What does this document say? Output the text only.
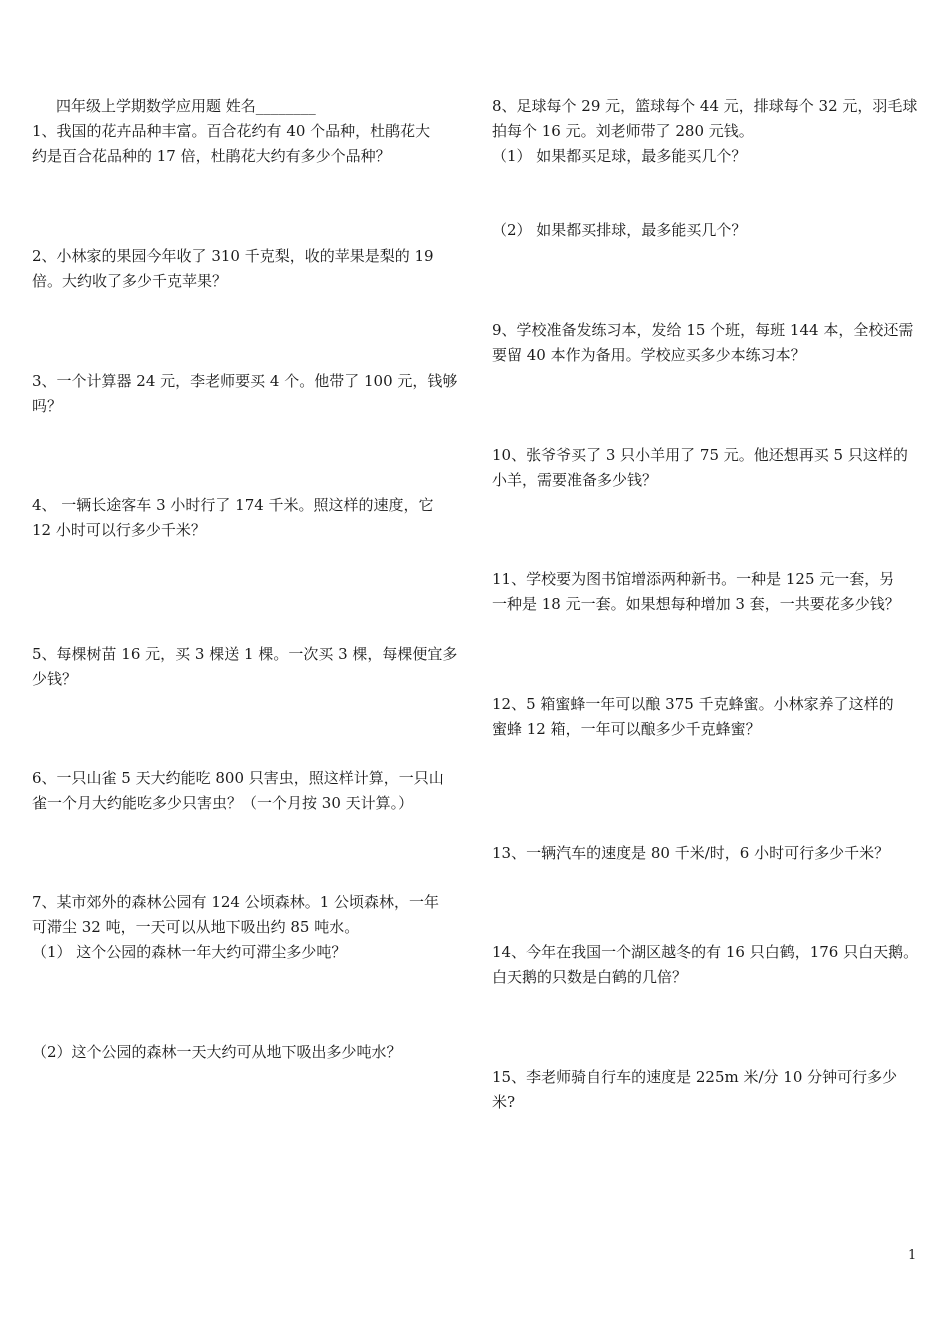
四年级上学期数学应用题 姓名________

1、我国的花卉品种丰富。百合花约有 40 个品种，杜鹃花大

约是百合花品种的 17 倍，杜鹃花大约有多少个品种？

2、小林家的果园今年收了 310 千克梨，收的苹果是梨的 19

倍。大约收了多少千克苹果？

3、一个计算器 24 元，李老师要买 4 个。他带了 100 元，钱够

吗？

4、 一辆长途客车 3 小时行了 174 千米。照这样的速度，它

12 小时可以行多少千米？

5、每棵树苗 16 元，买 3 棵送 1 棵。一次买 3 棵，每棵便宜多

少钱？

6、一只山雀 5 天大约能吃 800 只害虫，照这样计算，一只山

雀一个月大约能吃多少只害虫？（一个月按 30 天计算。）

7、某市郊外的森林公园有 124 公顷森林。1 公顷森林，一年

可滞尘 32 吨，一天可以从地下吸出约 85 吨水。

（1） 这个公园的森林一年大约可滞尘多少吨？

（2）这个公园的森林一天大约可从地下吸出多少吨水？

8、足球每个 29 元，篮球每个 44 元，排球每个 32 元，羽毛球

拍每个 16 元。刘老师带了 280 元钱。

（1） 如果都买足球，最多能买几个？

（2） 如果都买排球，最多能买几个？

9、学校准备发练习本，发给 15 个班，每班 144 本，全校还需

要留 40 本作为备用。学校应买多少本练习本？

10、张爷爷买了 3 只小羊用了 75 元。他还想再买 5 只这样的

小羊，需要准备多少钱？

11、学校要为图书馆增添两种新书。一种是 125 元一套，另

一种是 18 元一套。如果想每种增加 3 套，一共要花多少钱？

12、5 箱蜜蜂一年可以酿 375 千克蜂蜜。小林家养了这样的

蜜蜂 12 箱，一年可以酿多少千克蜂蜜？

13、一辆汽车的速度是 80 千米/时，6 小时可行多少千米？

14、今年在我国一个湖区越冬的有 16 只白鹤，176 只白天鹅。

白天鹅的只数是白鹤的几倍？

15、李老师骑自行车的速度是 225m 米/分 10 分钟可行多少

米?

1
